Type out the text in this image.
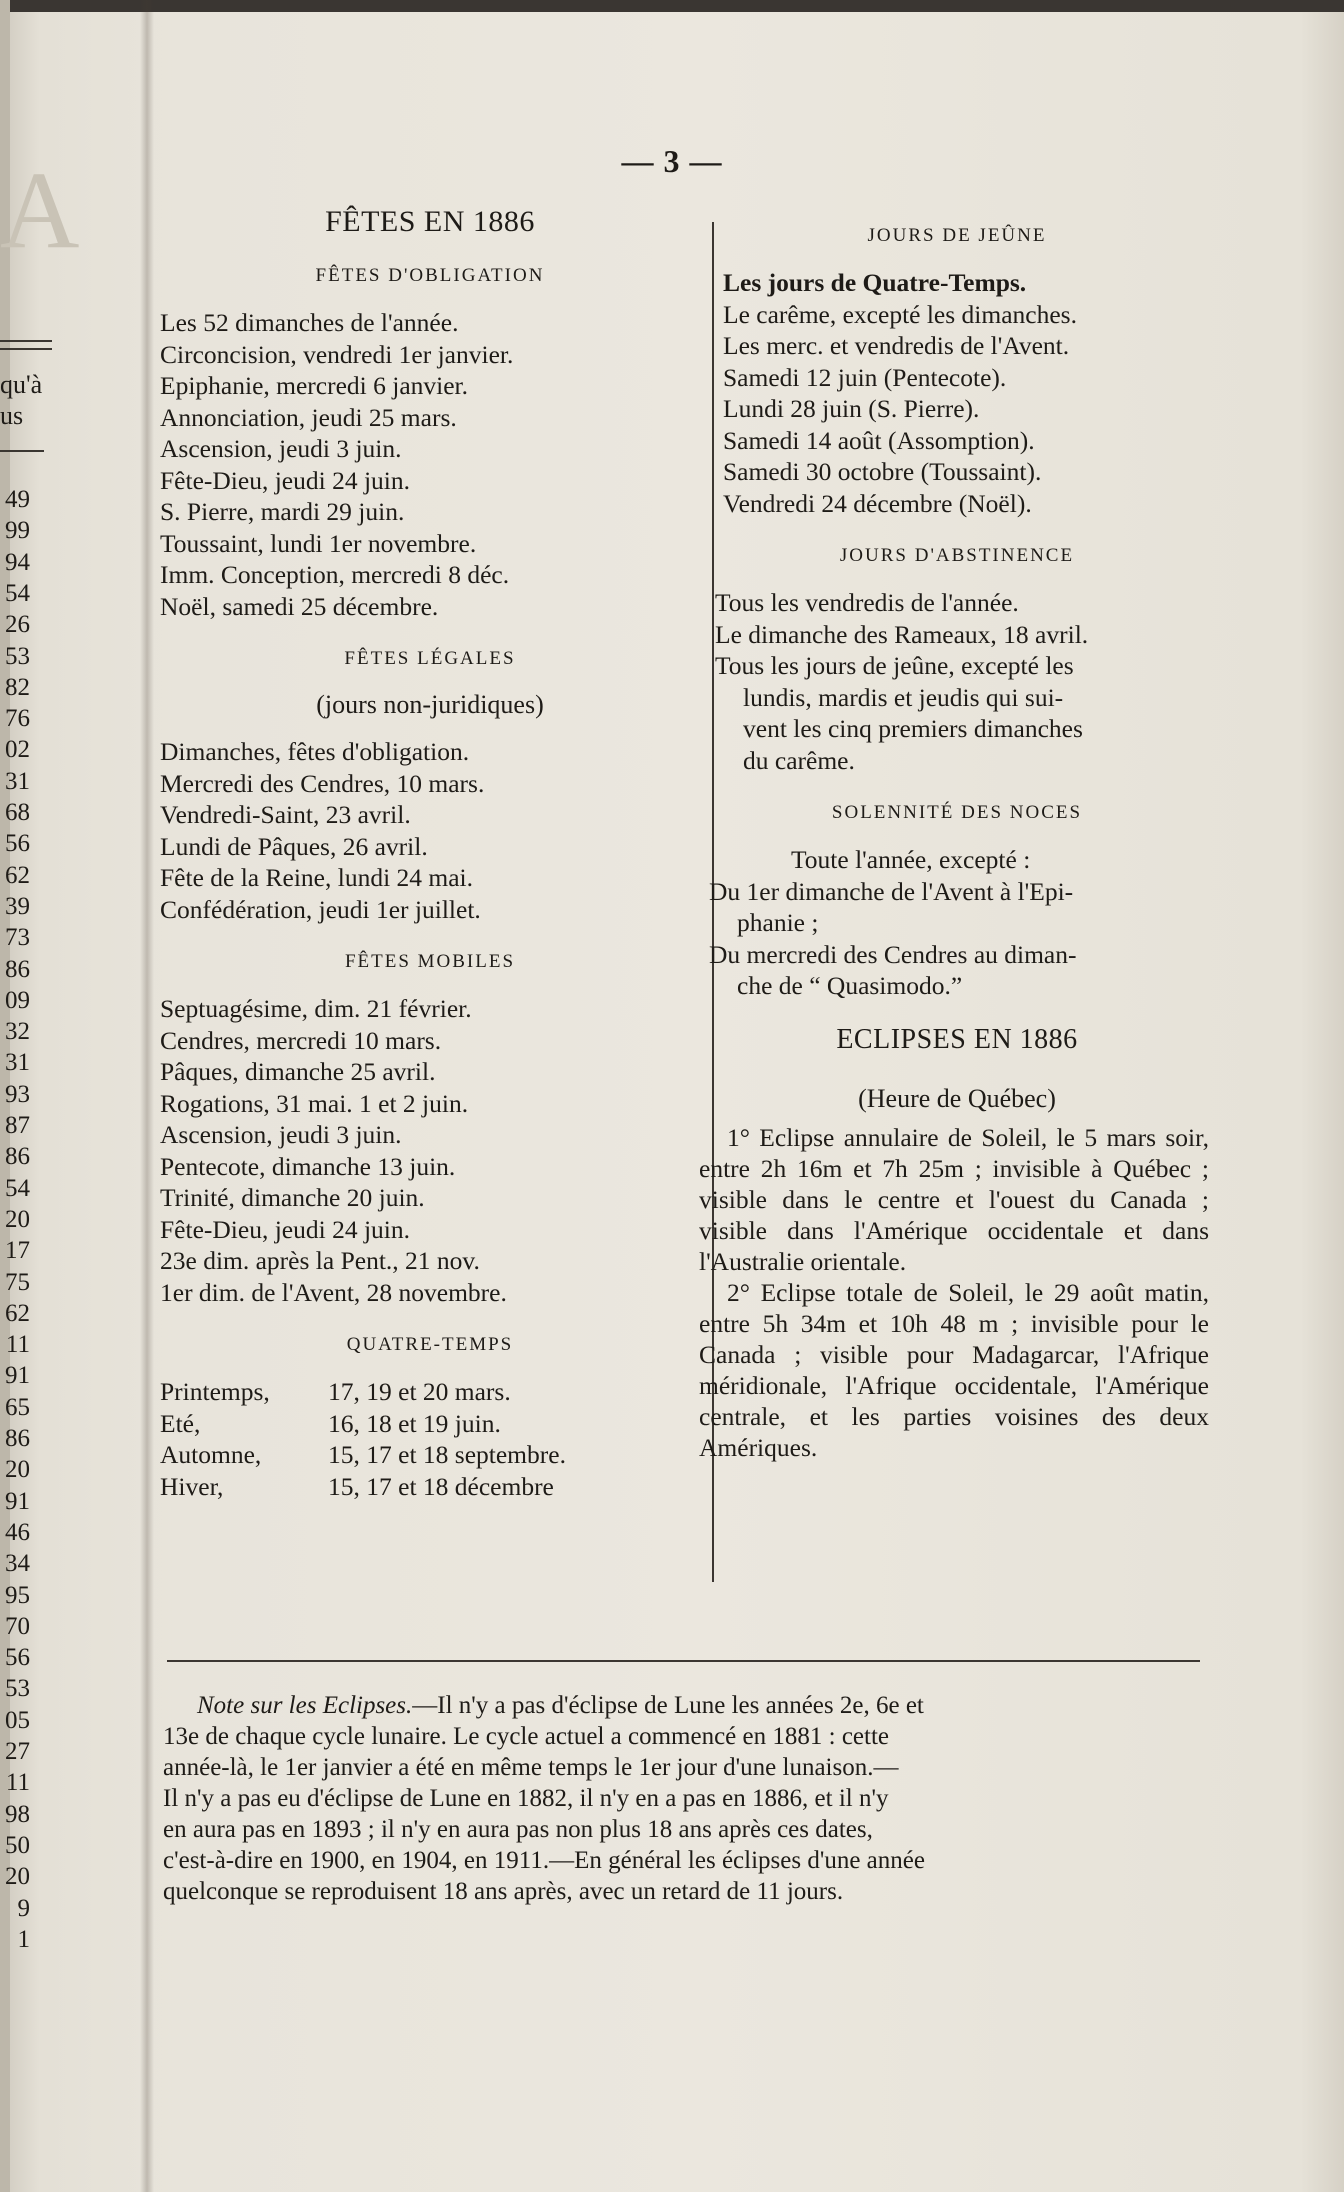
A
qu'à
us
49
99
94
54
26
53
82
76
02
31
68
56
62
39
73
86
09
32
31
93
87
86
54
20
17
75
62
11
91
65
86
20
91
46
34
95
70
56
53
05
27
11
98
50
20
9
1
— 3 —
FÊTES EN 1886
FÊTES D'OBLIGATION
Les 52 dimanches de l'année.
Circoncision, vendredi 1er janvier.
Epiphanie, mercredi 6 janvier.
Annonciation, jeudi 25 mars.
Ascension, jeudi 3 juin.
Fête-Dieu, jeudi 24 juin.
S. Pierre, mardi 29 juin.
Toussaint, lundi 1er novembre.
Imm. Conception, mercredi 8 déc.
Noël, samedi 25 décembre.
FÊTES LÉGALES
(jours non-juridiques)
Dimanches, fêtes d'obligation.
Mercredi des Cendres, 10 mars.
Vendredi-Saint, 23 avril.
Lundi de Pâques, 26 avril.
Fête de la Reine, lundi 24 mai.
Confédération, jeudi 1er juillet.
FÊTES MOBILES
Septuagésime, dim. 21 février.
Cendres, mercredi 10 mars.
Pâques, dimanche 25 avril.
Rogations, 31 mai. 1 et 2 juin.
Ascension, jeudi 3 juin.
Pentecote, dimanche 13 juin.
Trinité, dimanche 20 juin.
Fête-Dieu, jeudi 24 juin.
23e dim. après la Pent., 21 nov.
1er dim. de l'Avent, 28 novembre.
QUATRE-TEMPS
Printemps,	17, 19 et 20 mars.
Eté,	16, 18 et 19 juin.
Automne,	15, 17 et 18 septembre.
Hiver,	15, 17 et 18 décembre
JOURS DE JEÛNE
Les jours de Quatre-Temps.
Le carême, excepté les dimanches.
Les merc. et vendredis de l'Avent.
Samedi 12 juin (Pentecote).
Lundi 28 juin (S. Pierre).
Samedi 14 août (Assomption).
Samedi 30 octobre (Toussaint).
Vendredi 24 décembre (Noël).
JOURS D'ABSTINENCE
Tous les vendredis de l'année.
Le dimanche des Rameaux, 18 avril.
Tous les jours de jeûne, excepté les
lundis, mardis et jeudis qui sui-
vent les cinq premiers dimanches
du carême.
SOLENNITÉ DES NOCES
Toute l'année, excepté :
Du 1er dimanche de l'Avent à l'Epi-
phanie ;
Du mercredi des Cendres au diman-
che de “ Quasimodo.”
ECLIPSES EN 1886
(Heure de Québec)
1° Eclipse annulaire de Soleil, le 5 mars soir, entre 2h 16m et 7h 25m ; invisible à Québec ; visible dans le centre et l'ouest du Canada ; visible dans l'Amérique occidentale et dans l'Australie orientale.
2° Eclipse totale de Soleil, le 29 août matin, entre 5h 34m et 10h 48 m ; invisible pour le Canada ; visible pour Madagarcar, l'Afrique méridionale, l'Afrique occidentale, l'Amérique centrale, et les parties voisines des deux Amériques.
Note sur les Eclipses.—Il n'y a pas d'éclipse de Lune les années 2e, 6e et
13e de chaque cycle lunaire. Le cycle actuel a commencé en 1881 : cette
année-là, le 1er janvier a été en même temps le 1er jour d'une lunaison.—
Il n'y a pas eu d'éclipse de Lune en 1882, il n'y en a pas en 1886, et il n'y
en aura pas en 1893 ; il n'y en aura pas non plus 18 ans après ces dates,
c'est-à-dire en 1900, en 1904, en 1911.—En général les éclipses d'une année
quelconque se reproduisent 18 ans après, avec un retard de 11 jours.
